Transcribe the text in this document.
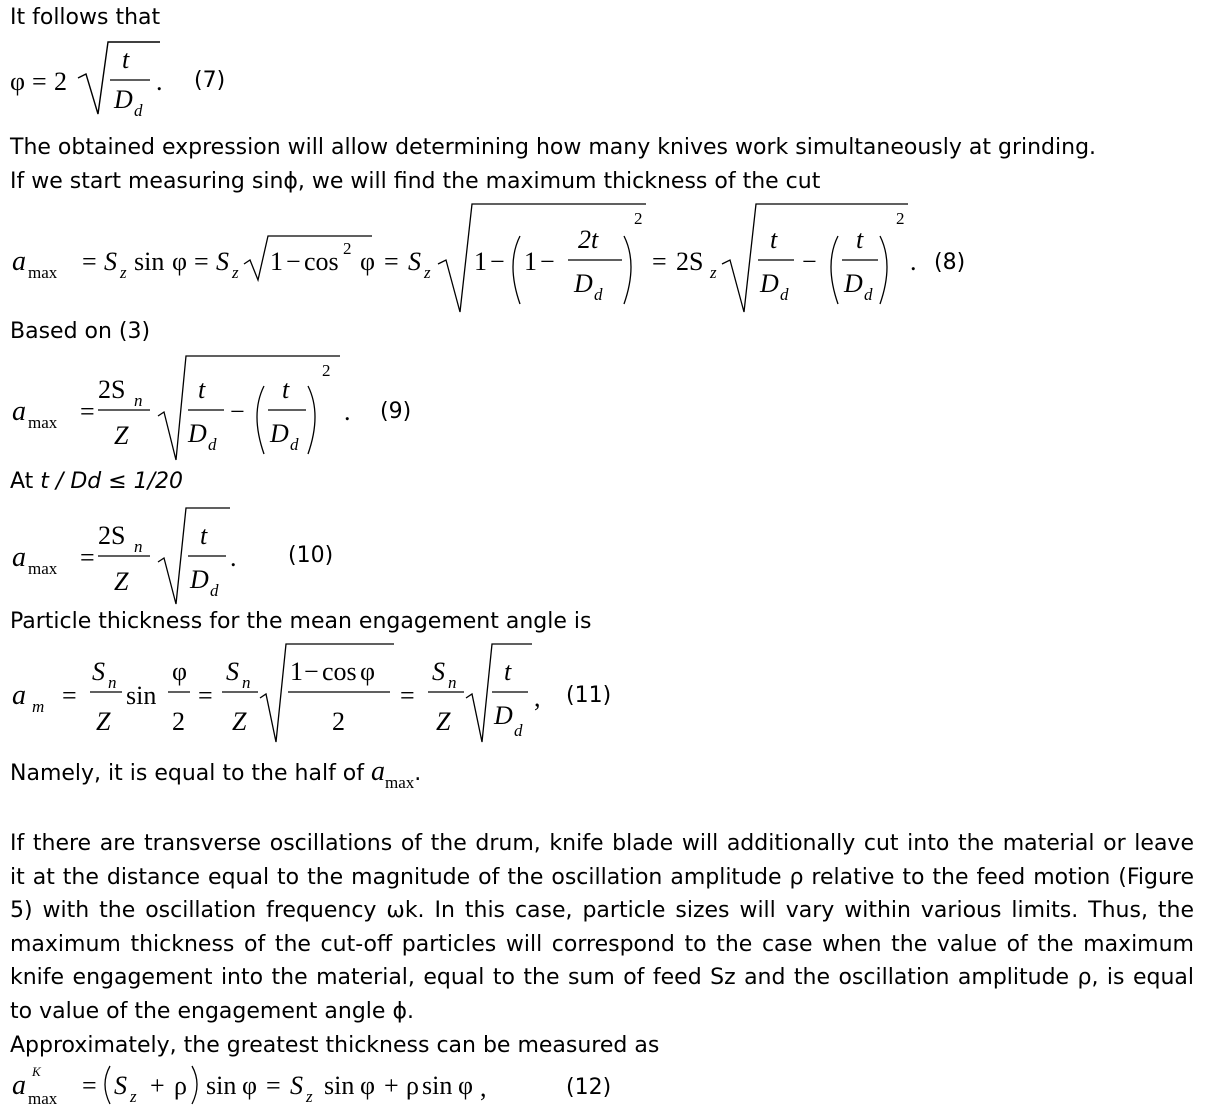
It follows that
φ = 2
t
D d
. (7)
The obtained expression will allow determining how many knives work simultaneously at grinding.
If we start measuring sinϕ, we will find the maximum thickness of the cut
a max = S z sin φ = S z 1 − cos 2 φ = S z 1 − 1 −
2t
D d
2
= 2S z
t
D d
−
t
D d
2
. (8)
Based on (3)
a max =
2S n
Z
t
D d
−
t
D d
2
. (9)
At t / Dd ≤ 1/20
a max =
2S n
Z
t
D d
. (10)
Particle thickness for the mean engagement angle is
a m =
S n
Z
sin
φ
2
=
S n
Z
1 − cos φ
2
=
S n
Z
t
D
d
, (11)
Namely, it is equal to the half of $a_{max}$.
If there are transverse oscillations of the drum, knife blade will additionally cut into the material or leave
it at the distance equal to the magnitude of the oscillation amplitude ρ relative to the feed motion (Figure
5) with the oscillation frequency ωk. In this case, particle sizes will vary within various limits. Thus, the
maximum thickness of the cut-off particles will correspond to the case when the value of the maximum
knife engagement into the material, equal to the sum of feed Sz and the oscillation amplitude ρ, is equal
to value of the engagement angle ϕ.
Approximately, the greatest thickness can be measured as
a К
max = S z + ρ sin φ = S z sin φ + ρ sin φ ,	(12)
